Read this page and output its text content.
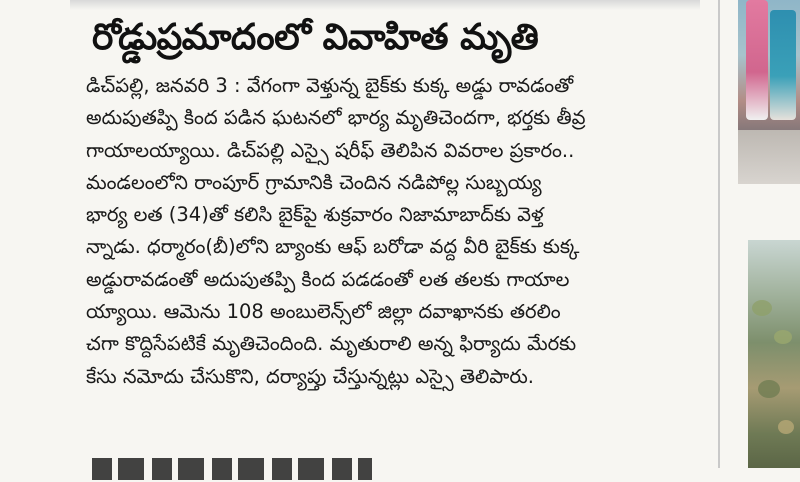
రోడ్డుప్రమాదంలో వివాహిత మృతి
డిచ్‌పల్లి, జనవరి 3 : వేగంగా వెళ్తున్న బైక్‌కు కుక్క అడ్డు రావడంతో
అదుపుతప్పి కింద పడిన ఘటనలో భార్య మృతిచెందగా, భర్తకు తీవ్ర
గాయాలయ్యాయి. డిచ్‌పల్లి ఎస్సై షరీఫ్ తెలిపిన వివరాల ప్రకారం..
మండలంలోని రాంపూర్ గ్రామానికి చెందిన నడిపోల్ల సుబ్బయ్య
భార్య లత (34)తో కలిసి బైక్‌పై శుక్రవారం నిజామాబాద్‌కు వెళ్త
న్నాడు. ధర్మారం(బీ)లోని బ్యాంకు ఆఫ్ బరోడా వద్ద వీరి బైక్‌కు కుక్క
అడ్డురావడంతో అదుపుతప్పి కింద పడడంతో లత తలకు గాయాల
య్యాయి. ఆమెను 108 అంబులెన్స్‌లో జిల్లా దవాఖానకు తరలిం
చగా కొద్దిసేపటికే మృతిచెందింది. మృతురాలి అన్న ఫిర్యాదు మేరకు
కేసు నమోదు చేసుకొని, దర్యాప్తు చేస్తున్నట్లు ఎస్సై తెలిపారు.
